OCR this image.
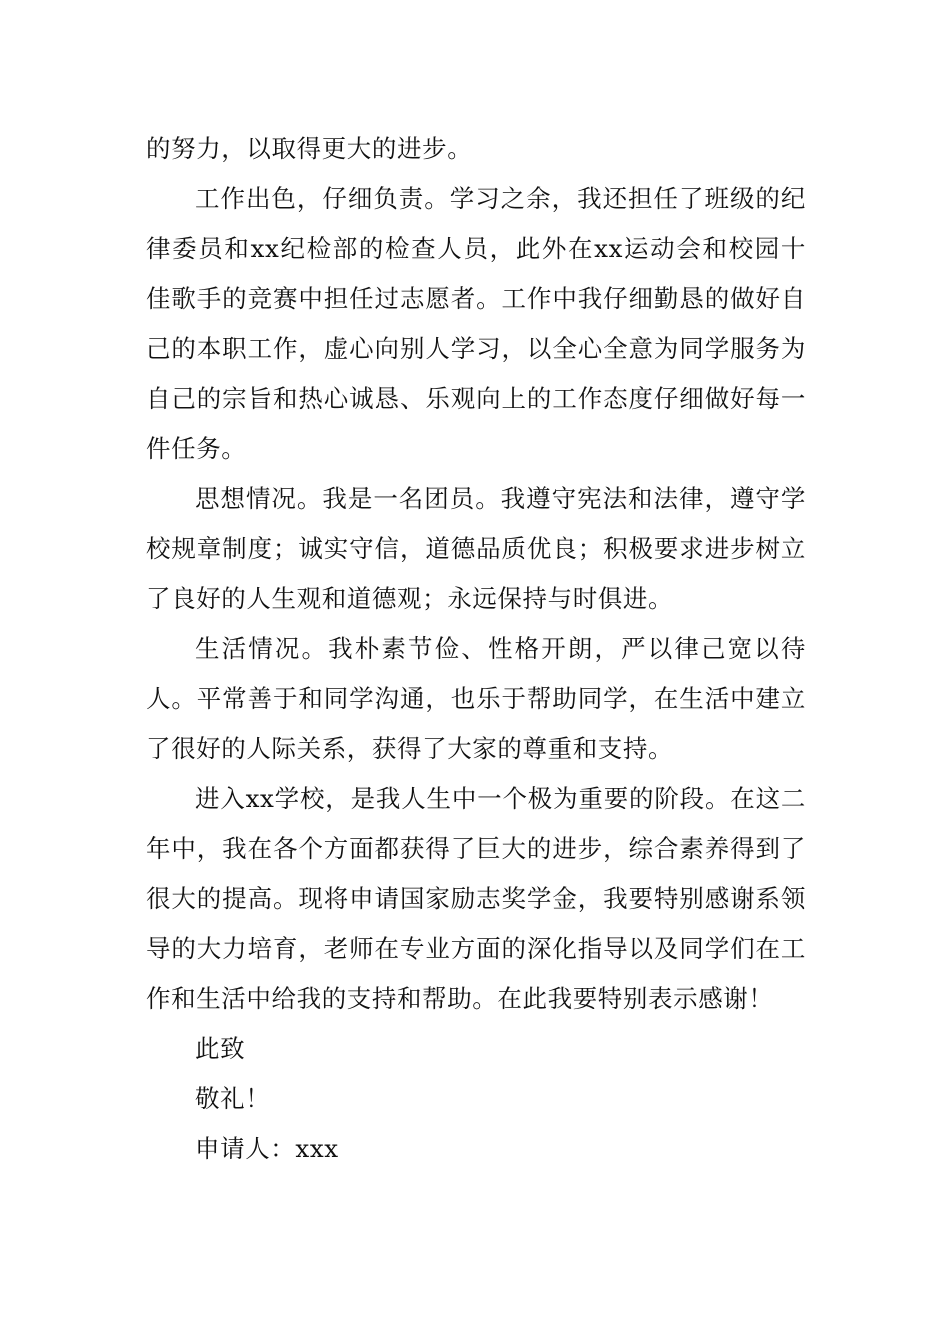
的努力，以取得更大的进步。

工作出色，仔细负责。学习之余，我还担任了班级的纪律委员和xx纪检部的检查人员，此外在xx运动会和校园十佳歌手的竞赛中担任过志愿者。工作中我仔细勤恳的做好自己的本职工作，虚心向别人学习，以全心全意为同学服务为自己的宗旨和热心诚恳、乐观向上的工作态度仔细做好每一件任务。

思想情况。我是一名团员。我遵守宪法和法律，遵守学校规章制度；诚实守信，道德品质优良；积极要求进步树立了良好的人生观和道德观；永远保持与时俱进。

生活情况。我朴素节俭、性格开朗，严以律己宽以待人。平常善于和同学沟通，也乐于帮助同学，在生活中建立了很好的人际关系，获得了大家的尊重和支持。

进入xx学校，是我人生中一个极为重要的阶段。在这二年中，我在各个方面都获得了巨大的进步，综合素养得到了很大的提高。现将申请国家励志奖学金，我要特别感谢系领导的大力培育，老师在专业方面的深化指导以及同学们在工作和生活中给我的支持和帮助。在此我要特别表示感谢！

此致

敬礼！

申请人：xxx
